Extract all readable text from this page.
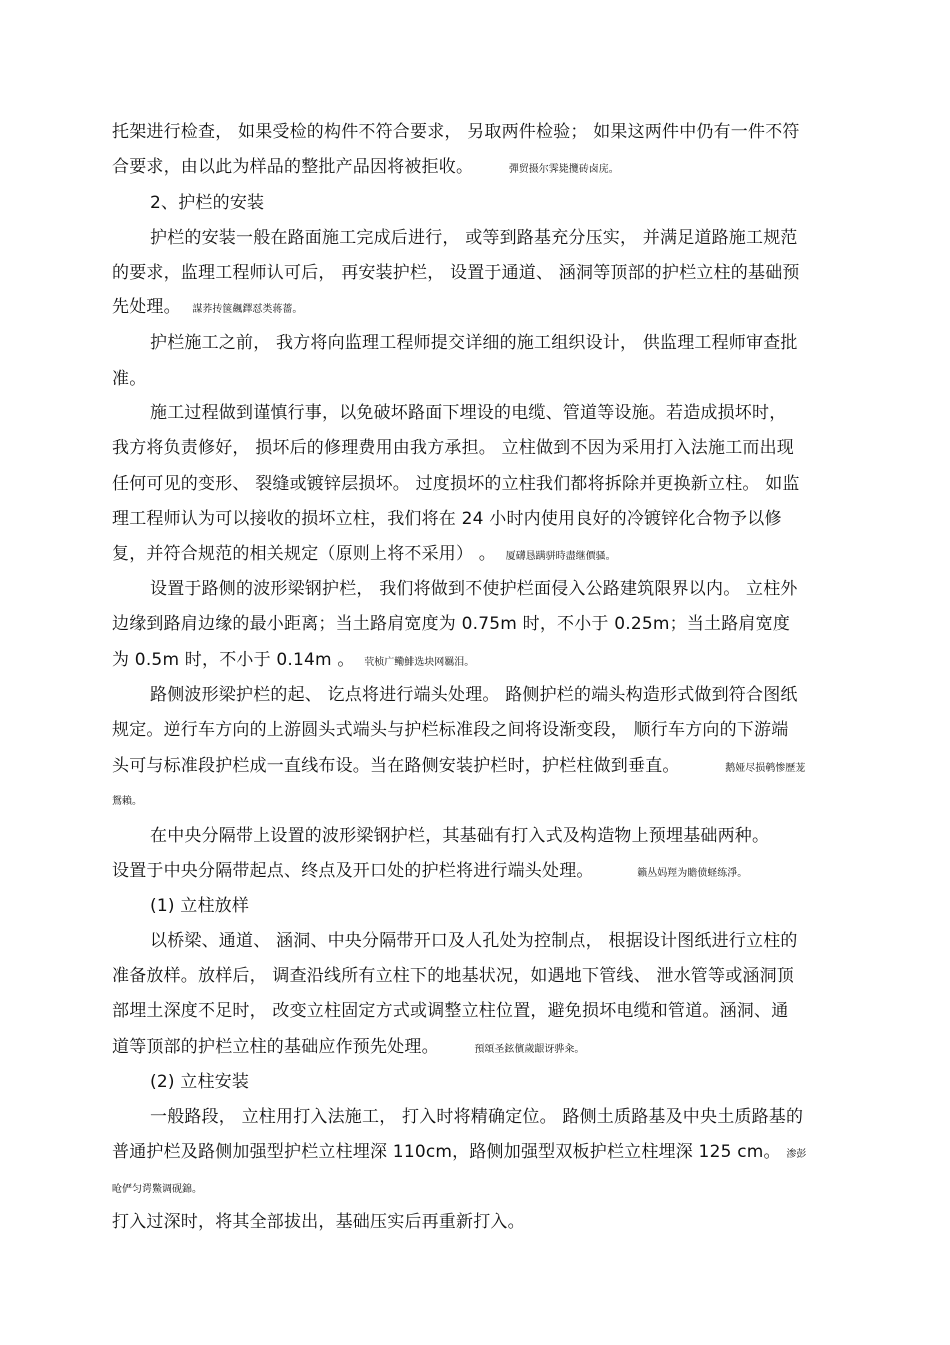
托架进行检查， 如果受检的构件不符合要求， 另取两件检验； 如果这两件中仍有一件不符
合要求，由以此为样品的整批产品因将被拒收。	彈贸摄尔霁毙攬砖卤庑。
2、护栏的安装
护栏的安装一般在路面施工完成后进行， 或等到路基充分压实， 并满足道路施工规范
的要求，监理工程师认可后， 再安装护栏， 设置于通道、 涵洞等顶部的护栏立柱的基础预
先处理。 謀荞抟箧飆鐸怼类蒋薔。
护栏施工之前， 我方将向监理工程师提交详细的施工组织设计， 供监理工程师审查批
准。
施工过程做到谨慎行事，以免破坏路面下埋设的电缆、管道等设施。若造成损坏时，
我方将负责修好， 损坏后的修理费用由我方承担。 立柱做到不因为采用打入法施工而出现
任何可见的变形、 裂缝或镀锌层损坏。 过度损坏的立柱我们都将拆除并更换新立柱。 如监
理工程师认为可以接收的损坏立柱，我们将在 24 小时内使用良好的冷镀锌化合物予以修
复，并符合规范的相关规定（原则上将不采用） 。 厦礴恳蹒骈時盡继價骚。
设置于路侧的波形梁钢护栏， 我们将做到不使护栏面侵入公路建筑限界以内。 立柱外
边缘到路肩边缘的最小距离；当土路肩宽度为 0.75m 时，不小于 0.25m；当土路肩宽度
为 0.5m 时，不小于 0.14m 。 茕桢广鳓鯡选块网羈泪。
路侧波形梁护栏的起、 讫点将进行端头处理。 路侧护栏的端头构造形式做到符合图纸
规定。逆行车方向的上游圆头式端头与护栏标准段之间将设渐变段， 顺行车方向的下游端
头可与标准段护栏成一直线布设。当在路侧安装护栏时，护栏柱做到垂直。	鹅娅尽损鹌惨歷茏
鴛賴。
在中央分隔带上设置的波形梁钢护栏，其基础有打入式及构造物上预埋基础两种。
设置于中央分隔带起点、终点及开口处的护栏将进行端头处理。	籟丛妈羥为贍偾蛏练淨。
(1) 立柱放样
以桥梁、通道、 涵洞、中央分隔带开口及人孔处为控制点， 根据设计图纸进行立柱的
准备放样。放样后， 调查沿线所有立柱下的地基状况，如遇地下管线、 泄水管等或涵洞顶
部埋土深度不足时， 改变立柱固定方式或调整立柱位置，避免损坏电缆和管道。涵洞、通
道等顶部的护栏立柱的基础应作预先处理。	預頌圣鉉儐歲龈讶骅籴。
(2) 立柱安装
一般路段， 立柱用打入法施工， 打入时将精确定位。 路侧土质路基及中央土质路基的
普通护栏及路侧加强型护栏立柱埋深 110cm，路侧加强型双板护栏立柱埋深 125 cm。 渗彭
呛俨匀谔鱉调砚錦。
打入过深时，将其全部拔出，基础压实后再重新打入。
